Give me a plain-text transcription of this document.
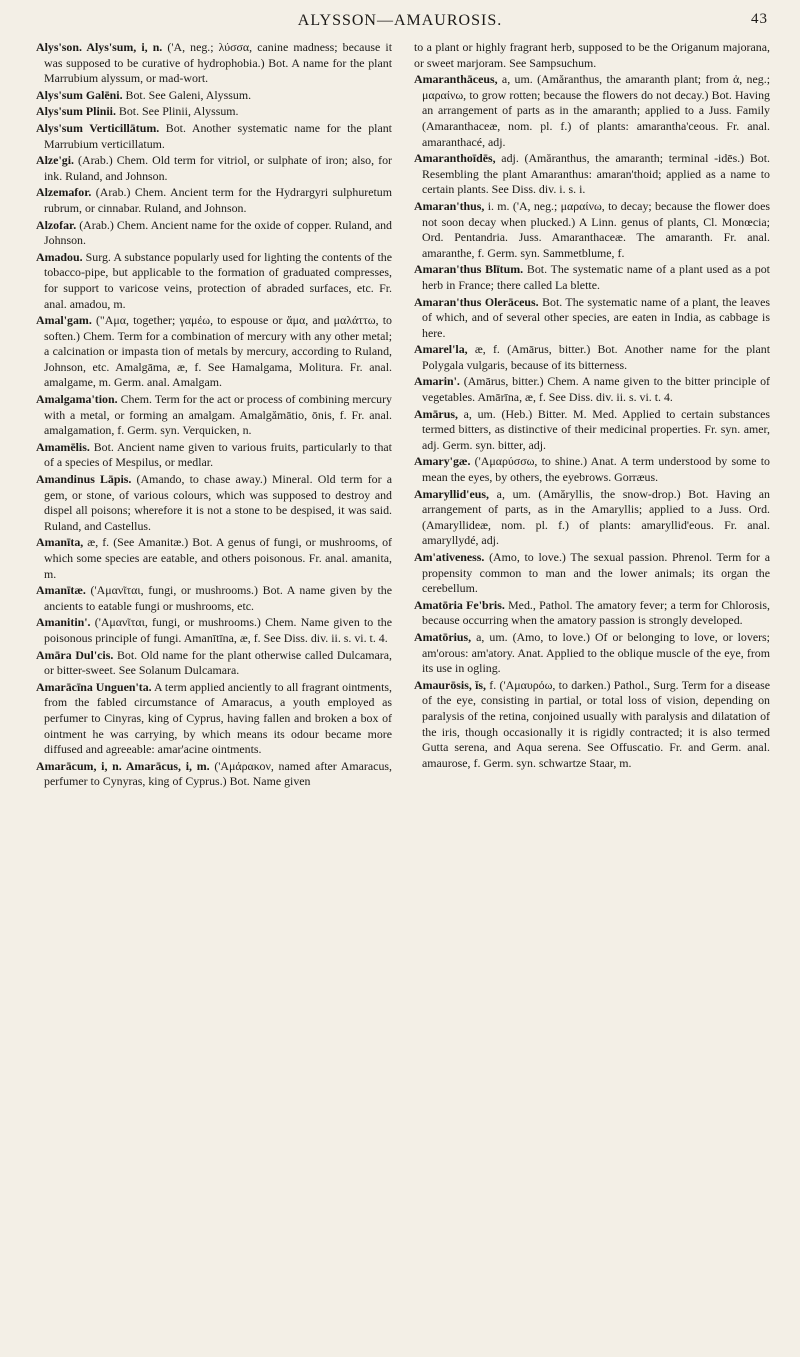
ALYSSON—AMAUROSIS.	43

Alys'son. Alys'sum, i, n. ('A, neg.; λύσσα, canine madness; because it was supposed to be curative of hydrophobia.) Bot. A name for the plant Marrubium alyssum, or mad-wort.

Alys'sum Galēni. Bot. See Galeni, Alyssum.

Alys'sum Plinii. Bot. See Plinii, Alyssum.

Alys'sum Verticillātum. Bot. Another systematic name for the plant Marrubium verticillatum.

Alze'gi. (Arab.) Chem. Old term for vitriol, or sulphate of iron; also, for ink. Ruland, and Johnson.

Alzemafor. (Arab.) Chem. Ancient term for the Hydrargyri sulphuretum rubrum, or cinnabar. Ruland, and Johnson.

Alzofar. (Arab.) Chem. Ancient name for the oxide of copper. Ruland, and Johnson.

Amadou. Surg. A substance popularly used for lighting the contents of the tobacco-pipe, but applicable to the formation of graduated compresses, for support to varicose veins, protection of abraded surfaces, etc. Fr. anal. amadou, m.

Amal'gam. ("Αμα, together; γαμέω, to espouse or ἅμα, and μαλάττω, to soften.) Chem. Term for a combination of mercury with any other metal; a calcination or impasta tion of metals by mercury, according to Ruland, Johnson, etc. Amalgāma, æ, f. See Hamalgama, Molitura. Fr. anal. amalgame, m. Germ. anal. Amalgam.

Amalgama'tion. Chem. Term for the act or process of combining mercury with a metal, or forming an amalgam. Amalgămātio, ōnis, f. Fr. anal. amalgamation, f. Germ. syn. Verquicken, n.

Amamēlis. Bot. Ancient name given to various fruits, particularly to that of a species of Mespilus, or medlar.

Amandinus Lāpis. (Amando, to chase away.) Mineral. Old term for a gem, or stone, of various colours, which was supposed to destroy and dispel all poisons; wherefore it is not a stone to be despised, it was said. Ruland, and Castellus.

Amanīta, æ, f. (See Amanitæ.) Bot. A genus of fungi, or mushrooms, of which some species are eatable, and others poisonous. Fr. anal. amanita, m.

Amanītæ. ('Αμανῖται, fungi, or mushrooms.) Bot. A name given by the ancients to eatable fungi or mushrooms, etc.

Amanitin'. ('Αμανῖται, fungi, or mushrooms.) Chem. Name given to the poisonous principle of fungi. Amanītīna, æ, f. See Diss. div. ii. s. vi. t. 4.

Amāra Dul'cis. Bot. Old name for the plant otherwise called Dulcamara, or bitter-sweet. See Solanum Dulcamara.

Amarācīna Unguen'ta. A term applied anciently to all fragrant ointments, from the fabled circumstance of Amaracus, a youth employed as perfumer to Cinyras, king of Cyprus, having fallen and broken a box of ointment he was carrying, by which means its odour became more diffused and agreeable: amar'acine ointments.

Amarācum, i, n. Amarācus, i, m. ('Αμάρακον, named after Amaracus, perfumer to Cynyras, king of Cyprus.) Bot. Name given

to a plant or highly fragrant herb, supposed to be the Origanum majorana, or sweet marjoram. See Sampsuchum.

Amaranthāceus, a, um. (Amăranthus, the amaranth plant; from ἀ, neg.; μαραίνω, to grow rotten; because the flowers do not decay.) Bot. Having an arrangement of parts as in the amaranth; applied to a Juss. Family (Amaranthaceæ, nom. pl. f.) of plants: amarantha'ceous. Fr. anal. amaranthacé, adj.

Amaranthoīdēs, adj. (Amăranthus, the amaranth; terminal -idēs.) Bot. Resembling the plant Amaranthus: amaran'thoid; applied as a name to certain plants. See Diss. div. i. s. i.

Amaran'thus, i. m. ('A, neg.; μαραίνω, to decay; because the flower does not soon decay when plucked.) A Linn. genus of plants, Cl. Monœcia; Ord. Pentandria. Juss. Amaranthaceæ. The amaranth. Fr. anal. amaranthe, f. Germ. syn. Sammetblume, f.

Amaran'thus Blītum. Bot. The systematic name of a plant used as a pot herb in France; there called La blette.

Amaran'thus Olerāceus. Bot. The systematic name of a plant, the leaves of which, and of several other species, are eaten in India, as cabbage is here.

Amarel'la, æ, f. (Amārus, bitter.) Bot. Another name for the plant Polygala vulgaris, because of its bitterness.

Amarin'. (Amārus, bitter.) Chem. A name given to the bitter principle of vegetables. Amārīna, æ, f. See Diss. div. ii. s. vi. t. 4.

Amārus, a, um. (Heb.) Bitter. M. Med. Applied to certain substances termed bitters, as distinctive of their medicinal properties. Fr. syn. amer, adj. Germ. syn. bitter, adj.

Amary'gæ. ('Αμαρύσσω, to shine.) Anat. A term understood by some to mean the eyes, by others, the eyebrows. Gorræus.

Amaryllid'eus, a, um. (Amăryllis, the snow-drop.) Bot. Having an arrangement of parts, as in the Amaryllis; applied to a Juss. Ord. (Amaryllideæ, nom. pl. f.) of plants: amaryllid'eous. Fr. anal. amaryllydé, adj.

Am'ativeness. (Amo, to love.) The sexual passion. Phrenol. Term for a propensity common to man and the lower animals; its organ the cerebellum.

Amatōria Fe'bris. Med., Pathol. The amatory fever; a term for Chlorosis, because occurring when the amatory passion is strongly developed.

Amatōrius, a, um. (Amo, to love.) Of or belonging to love, or lovers; am'orous: am'atory. Anat. Applied to the oblique muscle of the eye, from its use in ogling.

Amaurōsis, ĭs, f. ('Αμαυρόω, to darken.) Pathol., Surg. Term for a disease of the eye, consisting in partial, or total loss of vision, depending on paralysis of the retina, conjoined usually with paralysis and dilatation of the iris, though occasionally it is rigidly contracted; it is also termed Gutta serena, and Aqua serena. See Offuscatio. Fr. and Germ. anal. amaurose, f. Germ. syn. schwartze Staar, m.
